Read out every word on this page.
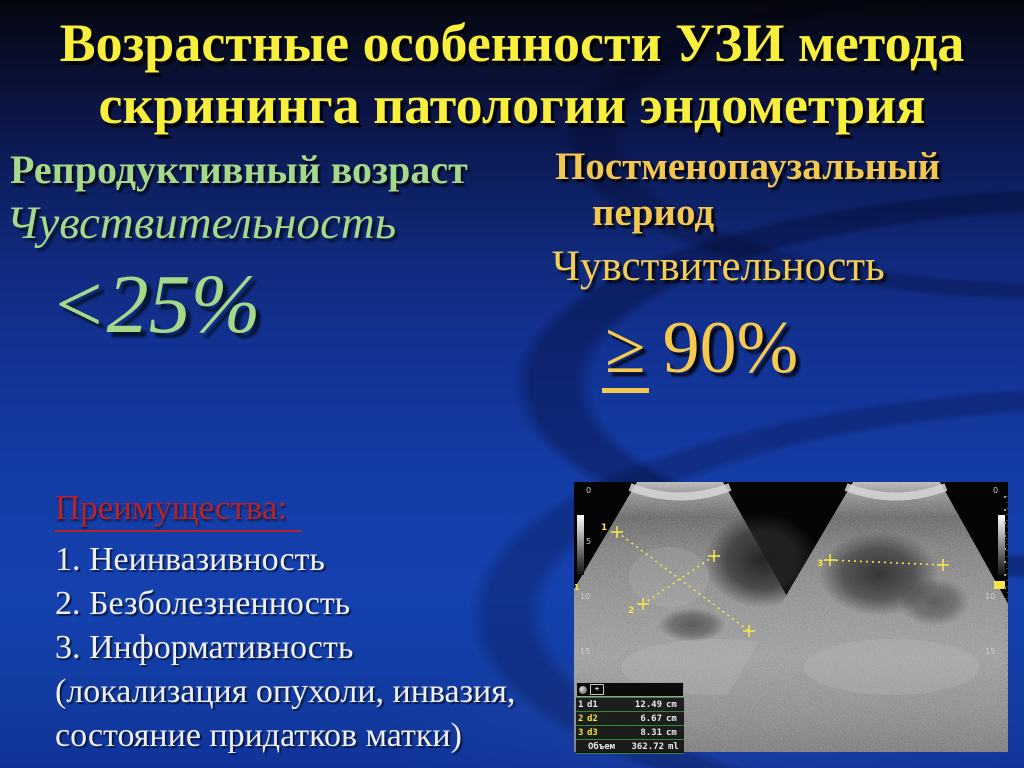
Возрастные особенности УЗИ метода
скрининга патологии эндометрия
Репродуктивный возраст
Чувствительность
<25%
Постменопаузальный
период
Чувствительность
≥ 90%
Преимущества:
1. Неинвазивность
2. Безболезненность
3. Информативность
(локализация опухоли, инвазия,
состояние придатков матки)
0
5
10
15
1
0
10
15
1
2
3
+
1 d1	12.49 cm
2 d2	6.67 cm
3 d3	8.31 cm
Объем	362.72 ml
